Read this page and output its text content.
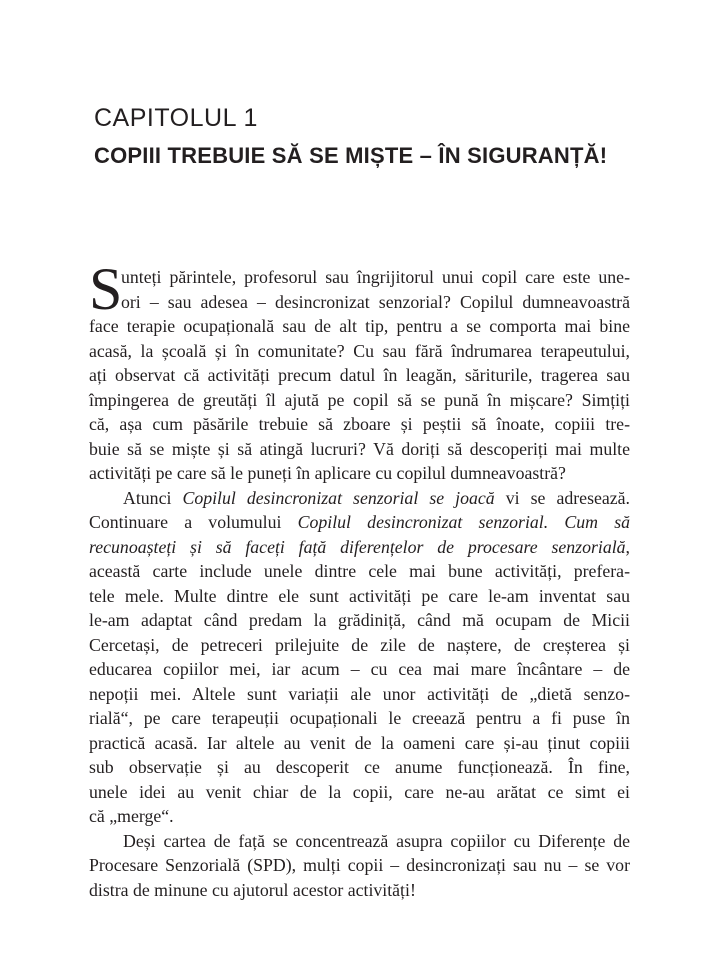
CAPITOLUL 1
COPIII TREBUIE SĂ SE MIȘTE – ÎN SIGURANȚĂ!
S
unteți părintele, profesorul sau îngrijitorul unui copil care este une-
ori – sau adesea – desincronizat senzorial? Copilul dumneavoastră
face terapie ocupațională sau de alt tip, pentru a se comporta mai bine
acasă, la școală și în comunitate? Cu sau fără îndrumarea terapeutului,
ați observat că activități precum datul în leagăn, săriturile, tragerea sau
împingerea de greutăți îl ajută pe copil să se pună în mișcare? Simțiți
că, așa cum păsările trebuie să zboare și peștii să înoate, copiii tre-
buie să se miște și să atingă lucruri? Vă doriți să descoperiți mai multe
activități pe care să le puneți în aplicare cu copilul dumneavoastră?
Atunci Copilul desincronizat senzorial se joacă vi se adresează.
Continuare a volumului Copilul desincronizat senzorial. Cum să
recunoașteți și să faceți față diferențelor de procesare senzorială,
această carte include unele dintre cele mai bune activități, prefera-
tele mele. Multe dintre ele sunt activități pe care le-am inventat sau
le-am adaptat când predam la grădiniță, când mă ocupam de Micii
Cercetași, de petreceri prilejuite de zile de naștere, de creșterea și
educarea copiilor mei, iar acum – cu cea mai mare încântare – de
nepoții mei. Altele sunt variații ale unor activități de „dietă senzo-
rială“, pe care terapeuții ocupaționali le creează pentru a fi puse în
practică acasă. Iar altele au venit de la oameni care și-au ținut copiii
sub observație și au descoperit ce anume funcționează. În fine,
unele idei au venit chiar de la copii, care ne-au arătat ce simt ei
că „merge“.
Deși cartea de față se concentrează asupra copiilor cu Diferențe de
Procesare Senzorială (SPD), mulți copii – desincronizați sau nu – se vor
distra de minune cu ajutorul acestor activități!
